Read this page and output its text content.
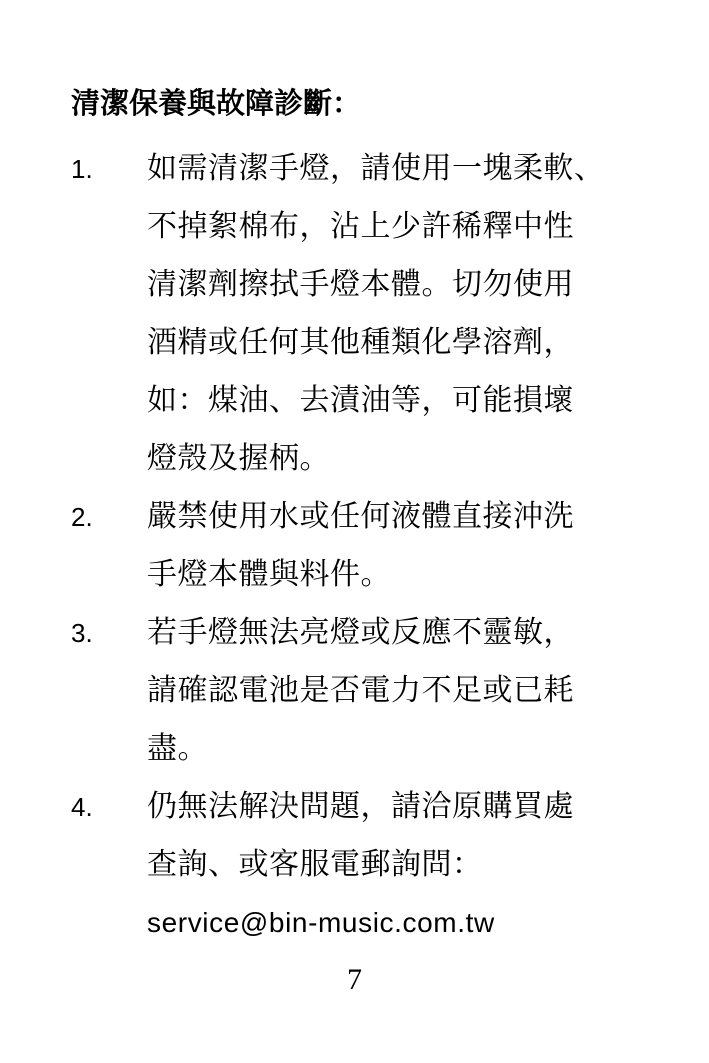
清潔保養與故障診斷：
1. 如需清潔手燈，請使用一塊柔軟、
不掉絮棉布，沾上少許稀釋中性
清潔劑擦拭手燈本體。切勿使用
酒精或任何其他種類化學溶劑，
如：煤油、去漬油等，可能損壞
燈殼及握柄。
2. 嚴禁使用水或任何液體直接沖洗
手燈本體與料件。
3. 若手燈無法亮燈或反應不靈敏，
請確認電池是否電力不足或已耗
盡。
4. 仍無法解決問題，請洽原購買處
查詢、或客服電郵詢問：
service@bin-music.com.tw
7
